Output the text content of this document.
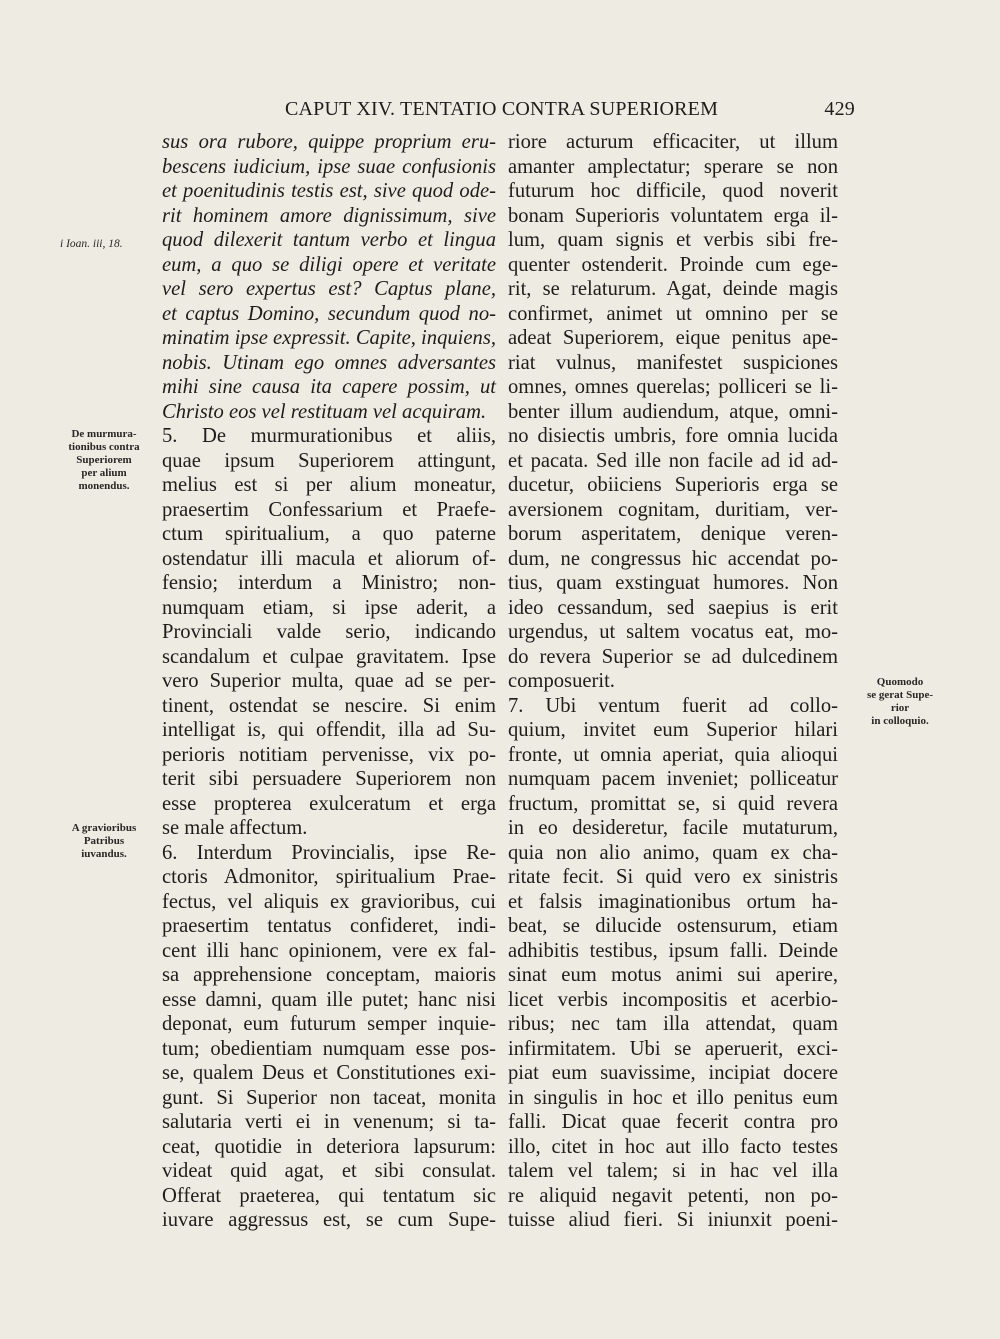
CAPUT XIV. TENTATIO CONTRA SUPERIOREM	429
i Ioan. iii, 18.
De murmura-
tionibus contra
Superiorem
per alium
monendus.
A gravioribus
Patribus
iuvandus.
Quomodo
se gerat Supe-
rior
in colloquio.
sus ora rubore, quippe proprium eru-
bescens iudicium, ipse suae confusionis
et poenitudinis testis est, sive quod ode-
rit hominem amore dignissimum, sive
quod dilexerit tantum verbo et lingua
eum, a quo se diligi opere et veritate
vel sero expertus est? Captus plane,
et captus Domino, secundum quod no-
minatim ipse expressit. Capite, inquiens,
nobis. Utinam ego omnes adversantes
mihi sine causa ita capere possim, ut
Christo eos vel restituam vel acquiram.
5. De murmurationibus et aliis,
quae ipsum Superiorem attingunt,
melius est si per alium moneatur,
praesertim Confessarium et Praefe-
ctum spiritualium, a quo paterne
ostendatur illi macula et aliorum of-
fensio; interdum a Ministro; non-
numquam etiam, si ipse aderit, a
Provinciali valde serio, indicando
scandalum et culpae gravitatem. Ipse
vero Superior multa, quae ad se per-
tinent, ostendat se nescire. Si enim
intelligat is, qui offendit, illa ad Su-
perioris notitiam pervenisse, vix po-
terit sibi persuadere Superiorem non
esse propterea exulceratum et erga
se male affectum.
6. Interdum Provincialis, ipse Re-
ctoris Admonitor, spiritualium Prae-
fectus, vel aliquis ex gravioribus, cui
praesertim tentatus confideret, indi-
cent illi hanc opinionem, vere ex fal-
sa apprehensione conceptam, maioris
esse damni, quam ille putet; hanc nisi
deponat, eum futurum semper inquie-
tum; obedientiam numquam esse pos-
se, qualem Deus et Constitutiones exi-
gunt. Si Superior non taceat, monita
salutaria verti ei in venenum; si ta-
ceat, quotidie in deteriora lapsurum:
videat quid agat, et sibi consulat.
Offerat praeterea, qui tentatum sic
iuvare aggressus est, se cum Supe-
riore acturum efficaciter, ut illum
amanter amplectatur; sperare se non
futurum hoc difficile, quod noverit
bonam Superioris voluntatem erga il-
lum, quam signis et verbis sibi fre-
quenter ostenderit. Proinde cum ege-
rit, se relaturum. Agat, deinde magis
confirmet, animet ut omnino per se
adeat Superiorem, eique penitus ape-
riat vulnus, manifestet suspiciones
omnes, omnes querelas; polliceri se li-
benter illum audiendum, atque, omni-
no disiectis umbris, fore omnia lucida
et pacata. Sed ille non facile ad id ad-
ducetur, obiiciens Superioris erga se
aversionem cognitam, duritiam, ver-
borum asperitatem, denique veren-
dum, ne congressus hic accendat po-
tius, quam exstinguat humores. Non
ideo cessandum, sed saepius is erit
urgendus, ut saltem vocatus eat, mo-
do revera Superior se ad dulcedinem
composuerit.
7. Ubi ventum fuerit ad collo-
quium, invitet eum Superior hilari
fronte, ut omnia aperiat, quia alioqui
numquam pacem inveniet; polliceatur
fructum, promittat se, si quid revera
in eo desideretur, facile mutaturum,
quia non alio animo, quam ex cha-
ritate fecit. Si quid vero ex sinistris
et falsis imaginationibus ortum ha-
beat, se dilucide ostensurum, etiam
adhibitis testibus, ipsum falli. Deinde
sinat eum motus animi sui aperire,
licet verbis incompositis et acerbio-
ribus; nec tam illa attendat, quam
infirmitatem. Ubi se aperuerit, exci-
piat eum suavissime, incipiat docere
in singulis in hoc et illo penitus eum
falli. Dicat quae fecerit contra pro
illo, citet in hoc aut illo facto testes
talem vel talem; si in hac vel illa
re aliquid negavit petenti, non po-
tuisse aliud fieri. Si iniunxit poeni-
